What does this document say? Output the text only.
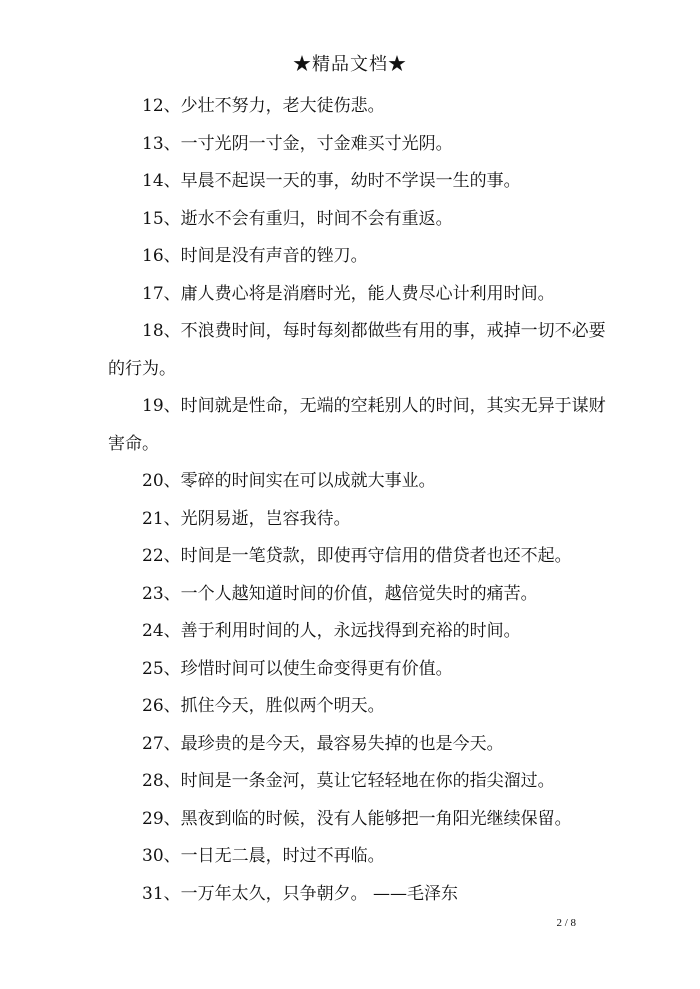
★精品文档★

12、少壮不努力，老大徒伤悲。

13、一寸光阴一寸金，寸金难买寸光阴。

14、早晨不起误一天的事，幼时不学误一生的事。

15、逝水不会有重归，时间不会有重返。

16、时间是没有声音的锉刀。

17、庸人费心将是消磨时光，能人费尽心计利用时间。

18、不浪费时间，每时每刻都做些有用的事，戒掉一切不必要的行为。

19、时间就是性命，无端的空耗别人的时间，其实无异于谋财害命。

20、零碎的时间实在可以成就大事业。

21、光阴易逝，岂容我待。

22、时间是一笔贷款，即使再守信用的借贷者也还不起。

23、一个人越知道时间的价值，越倍觉失时的痛苦。

24、善于利用时间的人，永远找得到充裕的时间。

25、珍惜时间可以使生命变得更有价值。

26、抓住今天，胜似两个明天。

27、最珍贵的是今天，最容易失掉的也是今天。

28、时间是一条金河，莫让它轻轻地在你的指尖溜过。

29、黑夜到临的时候，没有人能够把一角阳光继续保留。

30、一日无二晨，时过不再临。

31、一万年太久，只争朝夕。 ——毛泽东

2 / 8
